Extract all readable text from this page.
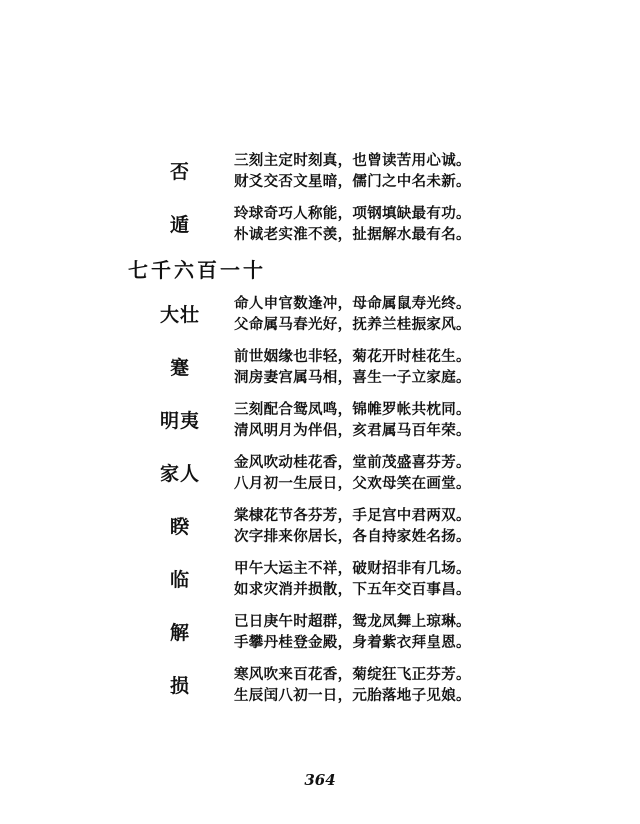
否
三刻主定时刻真，也曾读苦用心诚。
财爻交否文星暗，儒门之中名未新。
遁
玲球奇巧人称能，项钢填缺最有功。
朴诚老实淮不羡，扯据解水最有名。
七千六百一十
大壮
命人申官数逢冲，母命属鼠寿光终。
父命属马春光好，抚养兰桂振家风。
蹇
前世姻缘也非轻，菊花开时桂花生。
洞房妻宫属马相，喜生一子立家庭。
明夷
三刻配合鸳凤鸣，锦帷罗帐共枕同。
清风明月为伴侣，亥君属马百年荣。
家人
金风吹动桂花香，堂前茂盛喜芬芳。
八月初一生辰日，父欢母笑在画堂。
睽
棠棣花节各芬芳，手足宫中君两双。
次字排来你居长，各自持家姓名扬。
临
甲午大运主不祥，破财招非有几场。
如求灾消并损散，下五年交百事昌。
解
已日庚午时超群，鸳龙凤舞上琼琳。
手攀丹桂登金殿，身着紫衣拜皇恩。
损
寒风吹来百花香，菊绽狂飞正芬芳。
生辰闰八初一日，元胎落地子见娘。
364
